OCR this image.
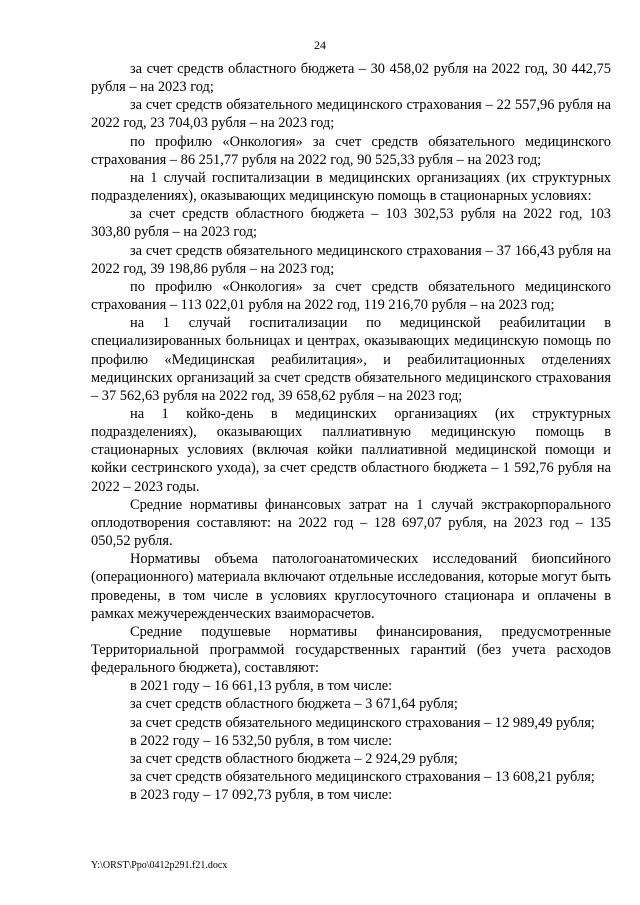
24

за счет средств областного бюджета – 30 458,02 рубля на 2022 год, 30 442,75 рубля – на 2023 год;

за счет средств обязательного медицинского страхования – 22 557,96 рубля на 2022 год, 23 704,03 рубля – на 2023 год;

по профилю «Онкология» за счет средств обязательного медицинского страхования – 86 251,77 рубля на 2022 год, 90 525,33 рубля – на 2023 год;

на 1 случай госпитализации в медицинских организациях (их структурных подразделениях), оказывающих медицинскую помощь в стационарных условиях:

за счет средств областного бюджета – 103 302,53 рубля на 2022 год, 103 303,80 рубля – на 2023 год;

за счет средств обязательного медицинского страхования – 37 166,43 рубля на 2022 год, 39 198,86 рубля – на 2023 год;

по профилю «Онкология» за счет средств обязательного медицинского страхования – 113 022,01 рубля на 2022 год, 119 216,70 рубля – на 2023 год;

на 1 случай госпитализации по медицинской реабилитации в специализированных больницах и центрах, оказывающих медицинскую помощь по профилю «Медицинская реабилитация», и реабилитационных отделениях медицинских организаций за счет средств обязательного медицинского страхования – 37 562,63 рубля на 2022 год, 39 658,62 рубля – на 2023 год;

на 1 койко-день в медицинских организациях (их структурных подразделениях), оказывающих паллиативную медицинскую помощь в стационарных условиях (включая койки паллиативной медицинской помощи и койки сестринского ухода), за счет средств областного бюджета – 1 592,76 рубля на 2022 – 2023 годы.

Средние нормативы финансовых затрат на 1 случай экстракорпорального оплодотворения составляют: на 2022 год – 128 697,07 рубля, на 2023 год – 135 050,52 рубля.

Нормативы объема патологоанатомических исследований биопсийного (операционного) материала включают отдельные исследования, которые могут быть проведены, в том числе в условиях круглосуточного стационара и оплачены в рамках межучережденческих взаиморасчетов.

Средние подушевые нормативы финансирования, предусмотренные Территориальной программой государственных гарантий (без учета расходов федерального бюджета), составляют:

в 2021 году – 16 661,13 рубля, в том числе:

за счет средств областного бюджета – 3 671,64 рубля;

за счет средств обязательного медицинского страхования – 12 989,49 рубля;

в 2022 году – 16 532,50 рубля, в том числе:

за счет средств областного бюджета – 2 924,29 рубля;

за счет средств обязательного медицинского страхования – 13 608,21 рубля;

в 2023 году – 17 092,73 рубля, в том числе:

Y:\ORST\Ppo\0412p291.f21.docx
